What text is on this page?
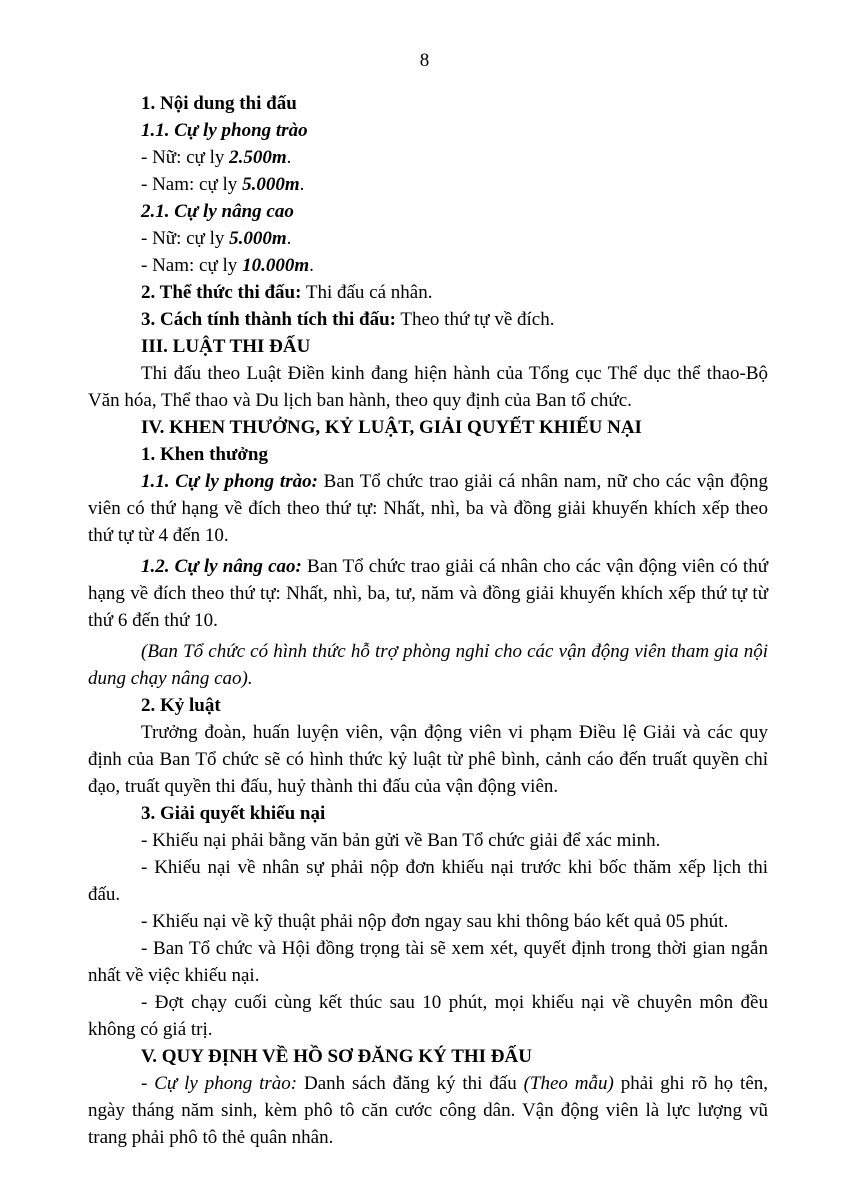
8

1. Nội dung thi đấu

1.1. Cự ly phong trào

- Nữ: cự ly 2.500m.

- Nam: cự ly 5.000m.

2.1. Cự ly nâng cao

- Nữ: cự ly 5.000m.

- Nam: cự ly 10.000m.

2. Thể thức thi đấu: Thi đấu cá nhân.

3. Cách tính thành tích thi đấu: Theo thứ tự về đích.

III. LUẬT THI ĐẤU

Thi đấu theo Luật Điền kinh đang hiện hành của Tổng cục Thể dục thể thao-Bộ Văn hóa, Thể thao và Du lịch ban hành, theo quy định của Ban tổ chức.

IV. KHEN THƯỞNG, KỶ LUẬT, GIẢI QUYẾT KHIẾU NẠI

1. Khen thưởng

1.1. Cự ly phong trào: Ban Tổ chức trao giải cá nhân nam, nữ cho các vận động viên có thứ hạng về đích theo thứ tự: Nhất, nhì, ba và đồng giải khuyến khích xếp theo thứ tự từ 4 đến 10.

1.2. Cự ly nâng cao: Ban Tổ chức trao giải cá nhân cho các vận động viên có thứ hạng về đích theo thứ tự: Nhất, nhì, ba, tư, năm và đồng giải khuyến khích xếp thứ tự từ thứ 6 đến thứ 10.

(Ban Tổ chức có hình thức hỗ trợ phòng nghỉ cho các vận động viên tham gia nội dung chạy nâng cao).

2. Kỷ luật

Trưởng đoàn, huấn luyện viên, vận động viên vi phạm Điều lệ Giải và các quy định của Ban Tổ chức sẽ có hình thức kỷ luật từ phê bình, cảnh cáo đến truất quyền chỉ đạo, truất quyền thi đấu, huỷ thành thi đấu của vận động viên.

3. Giải quyết khiếu nại

- Khiếu nại phải bằng văn bản gửi về Ban Tổ chức giải để xác minh.

- Khiếu nại về nhân sự phải nộp đơn khiếu nại trước khi bốc thăm xếp lịch thi đấu.

- Khiếu nại về kỹ thuật phải nộp đơn ngay sau khi thông báo kết quả 05 phút.

- Ban Tổ chức và Hội đồng trọng tài sẽ xem xét, quyết định trong thời gian ngắn nhất về việc khiếu nại.

- Đợt chạy cuối cùng kết thúc sau 10 phút, mọi khiếu nại về chuyên môn đều không có giá trị.

V. QUY ĐỊNH VỀ HỒ SƠ ĐĂNG KÝ THI ĐẤU

- Cự ly phong trào: Danh sách đăng ký thi đấu (Theo mẫu) phải ghi rõ họ tên, ngày tháng năm sinh, kèm phô tô căn cước công dân. Vận động viên là lực lượng vũ trang phải phô tô thẻ quân nhân.
